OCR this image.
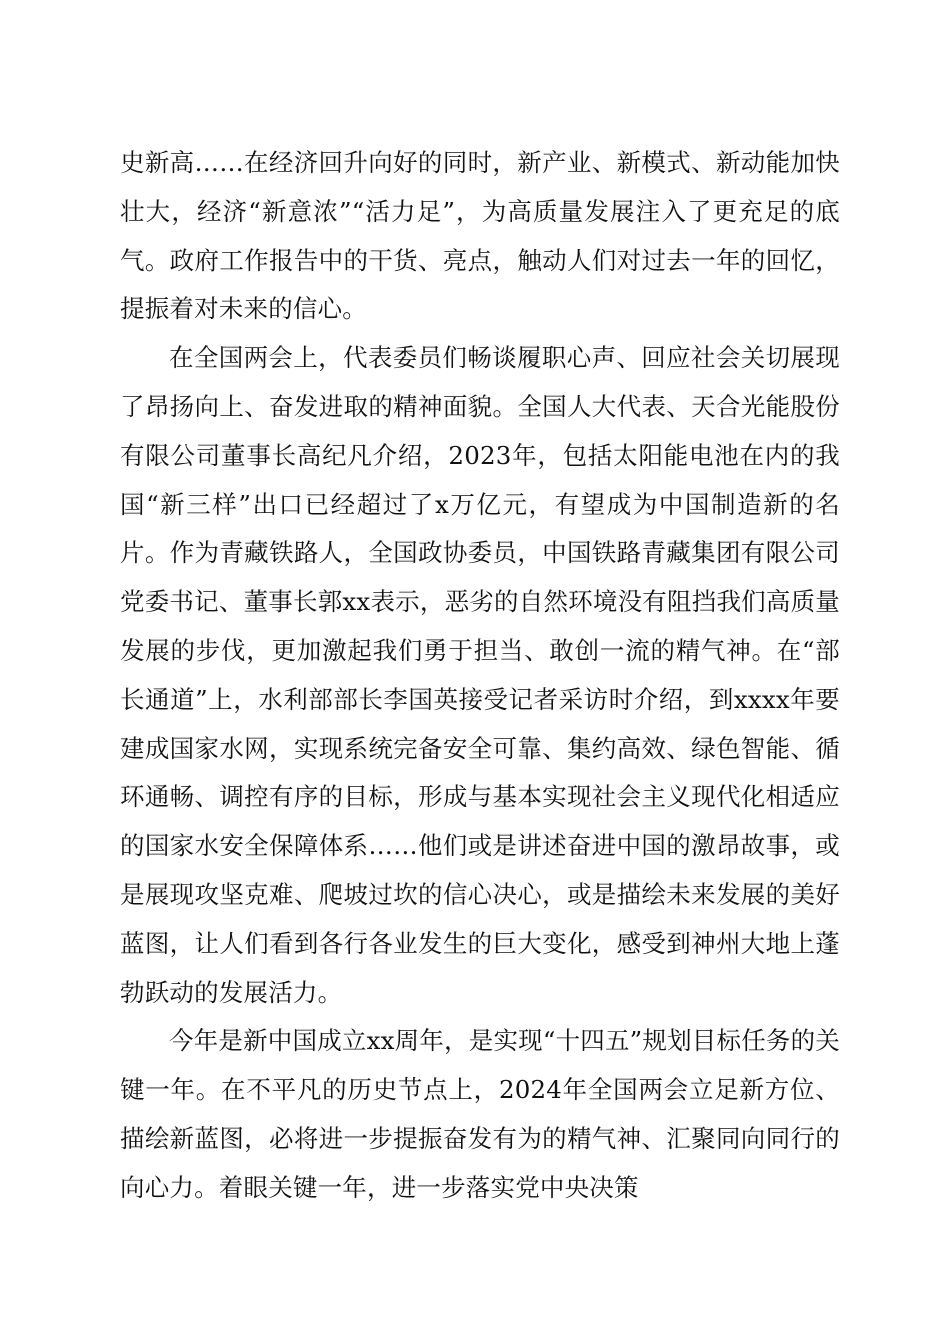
史新高……在经济回升向好的同时，新产业、新模式、新动能加快壮大，经济“新意浓”“活力足”，为高质量发展注入了更充足的底气。政府工作报告中的干货、亮点，触动人们对过去一年的回忆，提振着对未来的信心。

在全国两会上，代表委员们畅谈履职心声、回应社会关切展现了昂扬向上、奋发进取的精神面貌。全国人大代表、天合光能股份有限公司董事长高纪凡介绍，2023年，包括太阳能电池在内的我国“新三样”出口已经超过了x万亿元，有望成为中国制造新的名片。作为青藏铁路人，全国政协委员，中国铁路青藏集团有限公司党委书记、董事长郭xx表示，恶劣的自然环境没有阻挡我们高质量发展的步伐，更加激起我们勇于担当、敢创一流的精气神。在“部长通道”上，水利部部长李国英接受记者采访时介绍，到xxxx年要建成国家水网，实现系统完备安全可靠、集约高效、绿色智能、循环通畅、调控有序的目标，形成与基本实现社会主义现代化相适应的国家水安全保障体系……他们或是讲述奋进中国的激昂故事，或是展现攻坚克难、爬坡过坎的信心决心，或是描绘未来发展的美好蓝图，让人们看到各行各业发生的巨大变化，感受到神州大地上蓬勃跃动的发展活力。

今年是新中国成立xx周年，是实现“十四五”规划目标任务的关键一年。在不平凡的历史节点上，2024年全国两会立足新方位、描绘新蓝图，必将进一步提振奋发有为的精气神、汇聚同向同行的向心力。着眼关键一年，进一步落实党中央决策
